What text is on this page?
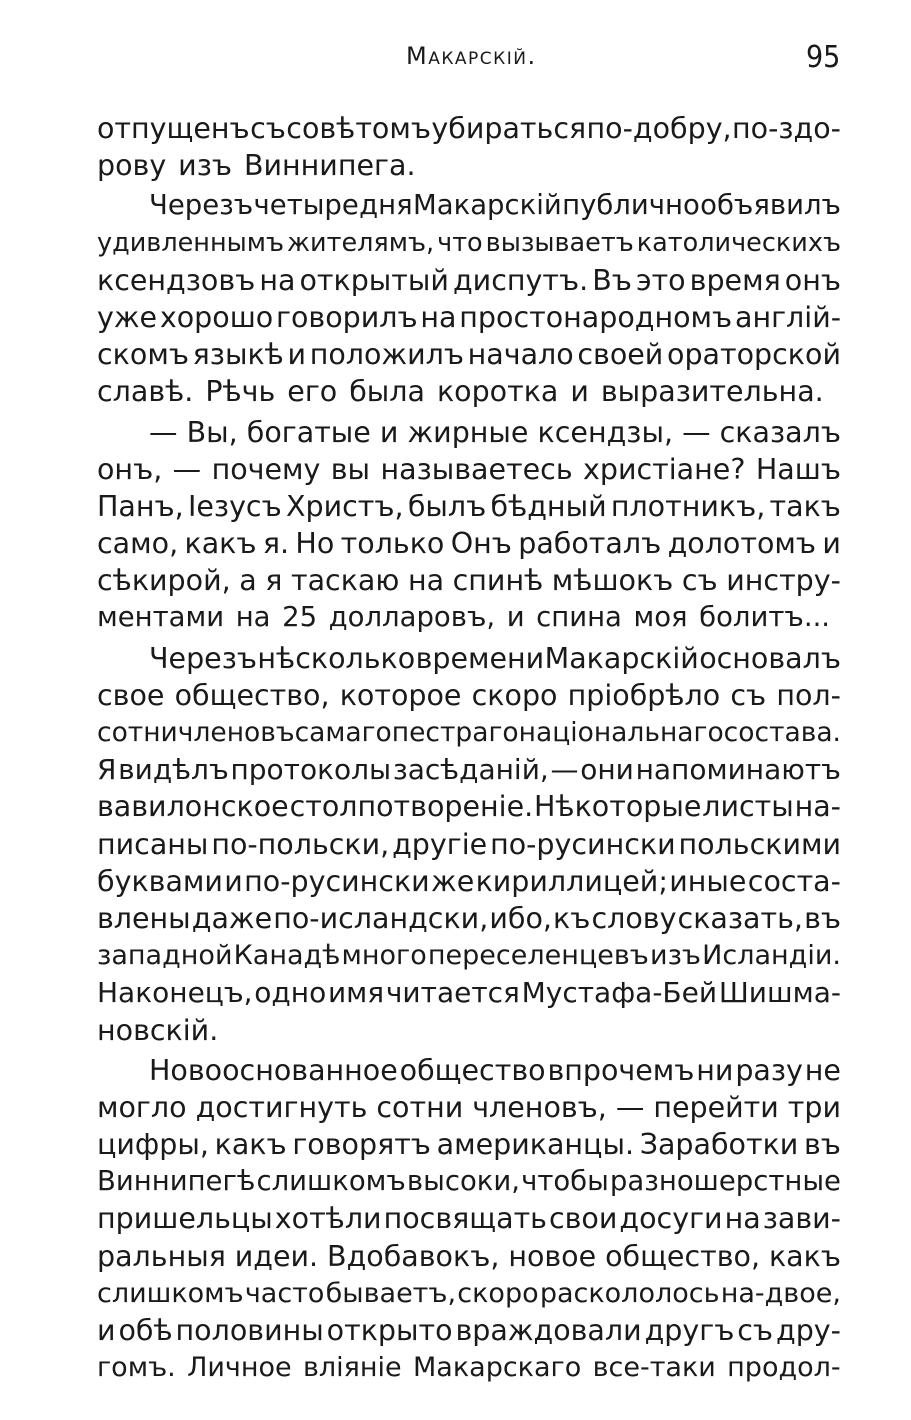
Макарскій.	95
отпущенъ съ совѣтомъ убираться по-добру, по-здо-
рову изъ Виннипега.
Черезъ четыре дня Макарскій публично объявилъ
удивленнымъ жителямъ, что вызываетъ католическихъ
ксендзовъ на открытый диспутъ. Въ это время онъ
уже хорошо говорилъ на простонародномъ англій-
скомъ языкѣ и положилъ начало своей ораторской
славѣ. Рѣчь его была коротка и выразительна.
— Вы, богатые и жирные ксендзы, — сказалъ
онъ, — почему вы называетесь христіане? Нашъ
Панъ, Іезусъ Христъ, былъ бѣдный плотникъ, такъ
само, какъ я. Но только Онъ работалъ долотомъ и
сѣкирой, а я таскаю на спинѣ мѣшокъ съ инстру-
ментами на 25 долларовъ, и спина моя болитъ...
Черезъ нѣсколько времени Макарскій основалъ
свое общество, которое скоро пріобрѣло съ пол-
сотни членовъ самаго пестраго національнаго состава.
Я видѣлъ протоколы засѣданій, — они напоминаютъ
вавилонское столпотвореніе. Нѣкоторые листы на-
писаны по-польски, другіе по-русински польскими
буквами и по-русински же кириллицей; иные соста-
влены даже по-исландски, ибо, къ слову сказать, въ
западной Канадѣ много переселенцевъ изъ Исландіи.
Наконецъ, одно имя читается Мустафа-Бей Шишма-
новскій.
Новооснованное общество впрочемъ ни разу не
могло достигнуть сотни членовъ, — перейти три
цифры, какъ говорятъ американцы. Заработки въ
Виннипегѣ слишкомъ высоки, чтобы разношерстные
пришельцы хотѣли посвящать свои досуги на зави-
ральныя идеи. Вдобавокъ, новое общество, какъ
слишкомъ часто бываетъ, скоро раскололось на-двое,
и обѣ половины открыто враждовали другъ съ дру-
гомъ. Личное вліяніе Макарскаго все-таки продол-
